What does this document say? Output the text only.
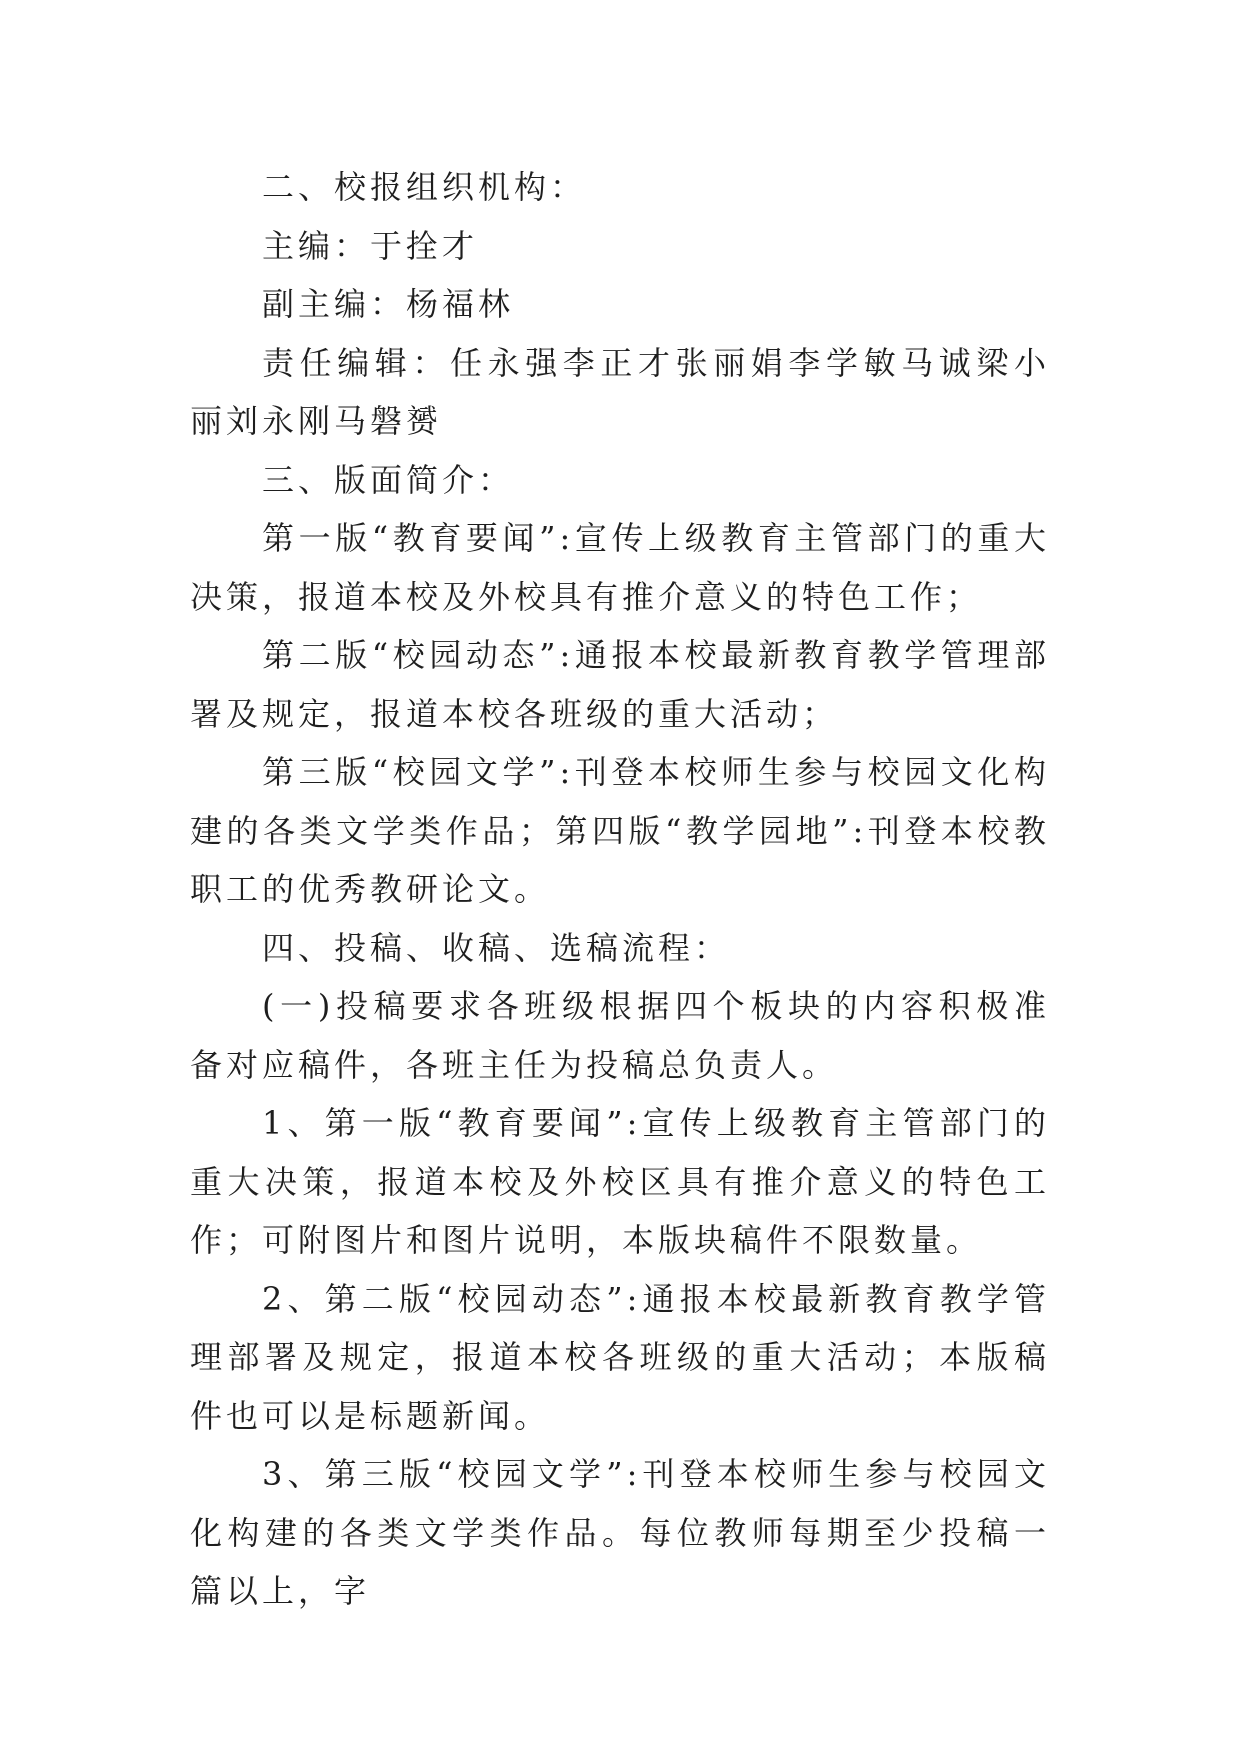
二、校报组织机构：

主编：于拴才

副主编：杨福林

责任编辑：任永强李正才张丽娟李学敏马诚梁小丽刘永刚马磐赟

三、版面简介：

第一版“教育要闻”:宣传上级教育主管部门的重大决策，报道本校及外校具有推介意义的特色工作；

第二版“校园动态”:通报本校最新教育教学管理部署及规定，报道本校各班级的重大活动；

第三版“校园文学”:刊登本校师生参与校园文化构建的各类文学类作品；第四版“教学园地”:刊登本校教职工的优秀教研论文。

四、投稿、收稿、选稿流程：

(一)投稿要求各班级根据四个板块的内容积极准备对应稿件，各班主任为投稿总负责人。

1、第一版“教育要闻”:宣传上级教育主管部门的重大决策，报道本校及外校区具有推介意义的特色工作；可附图片和图片说明，本版块稿件不限数量。

2、第二版“校园动态”:通报本校最新教育教学管理部署及规定，报道本校各班级的重大活动；本版稿件也可以是标题新闻。

3、第三版“校园文学”:刊登本校师生参与校园文化构建的各类文学类作品。每位教师每期至少投稿一篇以上，字
